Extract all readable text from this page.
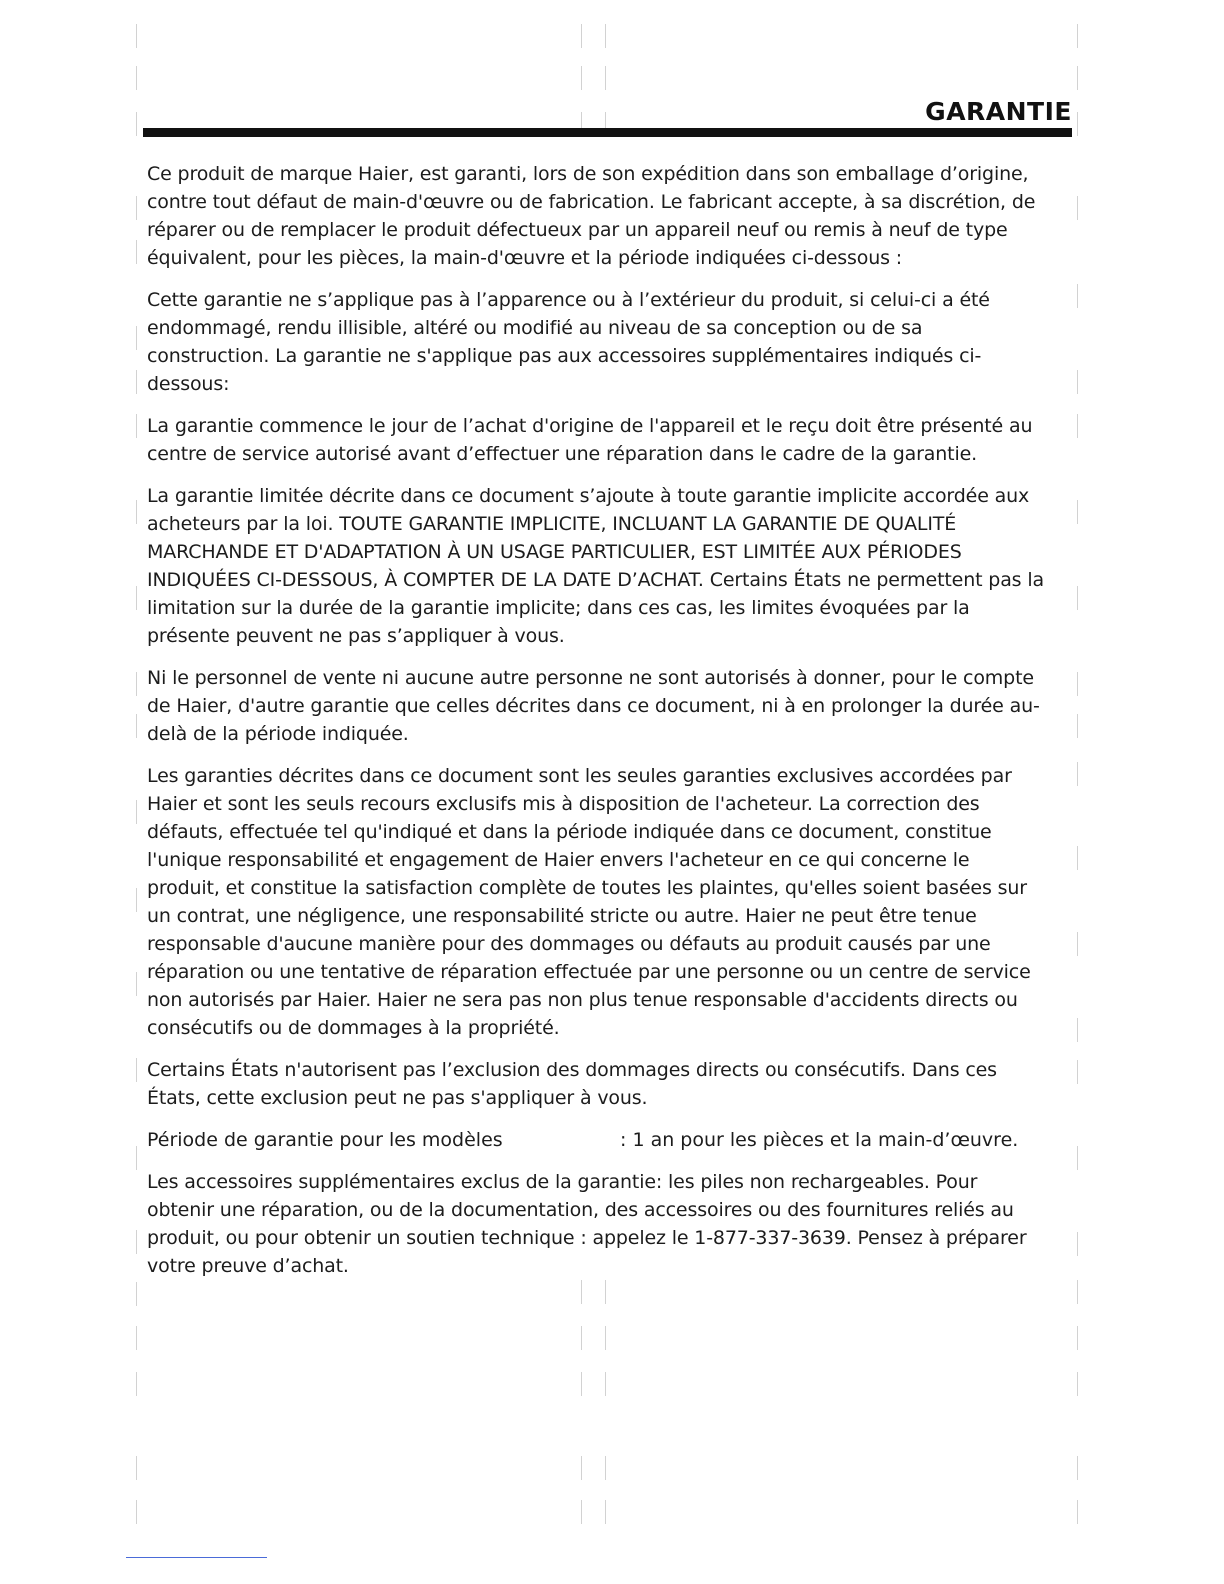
GARANTIE

Ce produit de marque Haier, est garanti, lors de son expédition dans son emballage d’origine, contre tout défaut de main-d'œuvre ou de fabrication. Le fabricant accepte, à sa discrétion, de réparer ou de remplacer le produit défectueux par un appareil neuf ou remis à neuf de type équivalent, pour les pièces, la main-d'œuvre et la période indiquées ci-dessous :

Cette garantie ne s’applique pas à l’apparence ou à l’extérieur du produit, si celui-ci a été endommagé, rendu illisible, altéré ou modifié au niveau de sa conception ou de sa construction. La garantie ne s'applique pas aux accessoires supplémentaires indiqués ci-dessous:

La garantie commence le jour de l’achat d'origine de l'appareil et le reçu doit être présenté au centre de service autorisé avant d’effectuer une réparation dans le cadre de la garantie.

La garantie limitée décrite dans ce document s’ajoute à toute garantie implicite accordée aux acheteurs par la loi. TOUTE GARANTIE IMPLICITE, INCLUANT LA GARANTIE DE QUALITÉ MARCHANDE ET D'ADAPTATION À UN USAGE PARTICULIER, EST LIMITÉE AUX PÉRIODES INDIQUÉES CI-DESSOUS, À COMPTER DE LA DATE D’ACHAT. Certains États ne permettent pas la limitation sur la durée de la garantie implicite; dans ces cas, les limites évoquées par la présente peuvent ne pas s’appliquer à vous.

Ni le personnel de vente ni aucune autre personne ne sont autorisés à donner, pour le compte de Haier, d'autre garantie que celles décrites dans ce document, ni à en prolonger la durée au-delà de la période indiquée.

Les garanties décrites dans ce document sont les seules garanties exclusives accordées par Haier et sont les seuls recours exclusifs mis à disposition de l'acheteur. La correction des défauts, effectuée tel qu'indiqué et dans la période indiquée dans ce document, constitue l'unique responsabilité et engagement de Haier envers l'acheteur en ce qui concerne le produit, et constitue la satisfaction complète de toutes les plaintes, qu'elles soient basées sur un contrat, une négligence, une responsabilité stricte ou autre. Haier ne peut être tenue responsable d'aucune manière pour des dommages ou défauts au produit causés par une réparation ou une tentative de réparation effectuée par une personne ou un centre de service non autorisés par Haier. Haier ne sera pas non plus tenue responsable d'accidents directs ou consécutifs ou de dommages à la propriété.

Certains États n'autorisent pas l’exclusion des dommages directs ou consécutifs. Dans ces États, cette exclusion peut ne pas s'appliquer à vous.

Période de garantie pour les modèles	: 1 an pour les pièces et la main-d’œuvre.

Les accessoires supplémentaires exclus de la garantie: les piles non rechargeables. Pour obtenir une réparation, ou de la documentation, des accessoires ou des fournitures reliés au produit, ou pour obtenir un soutien technique : appelez le 1-877-337-3639. Pensez à préparer votre preuve d’achat.
